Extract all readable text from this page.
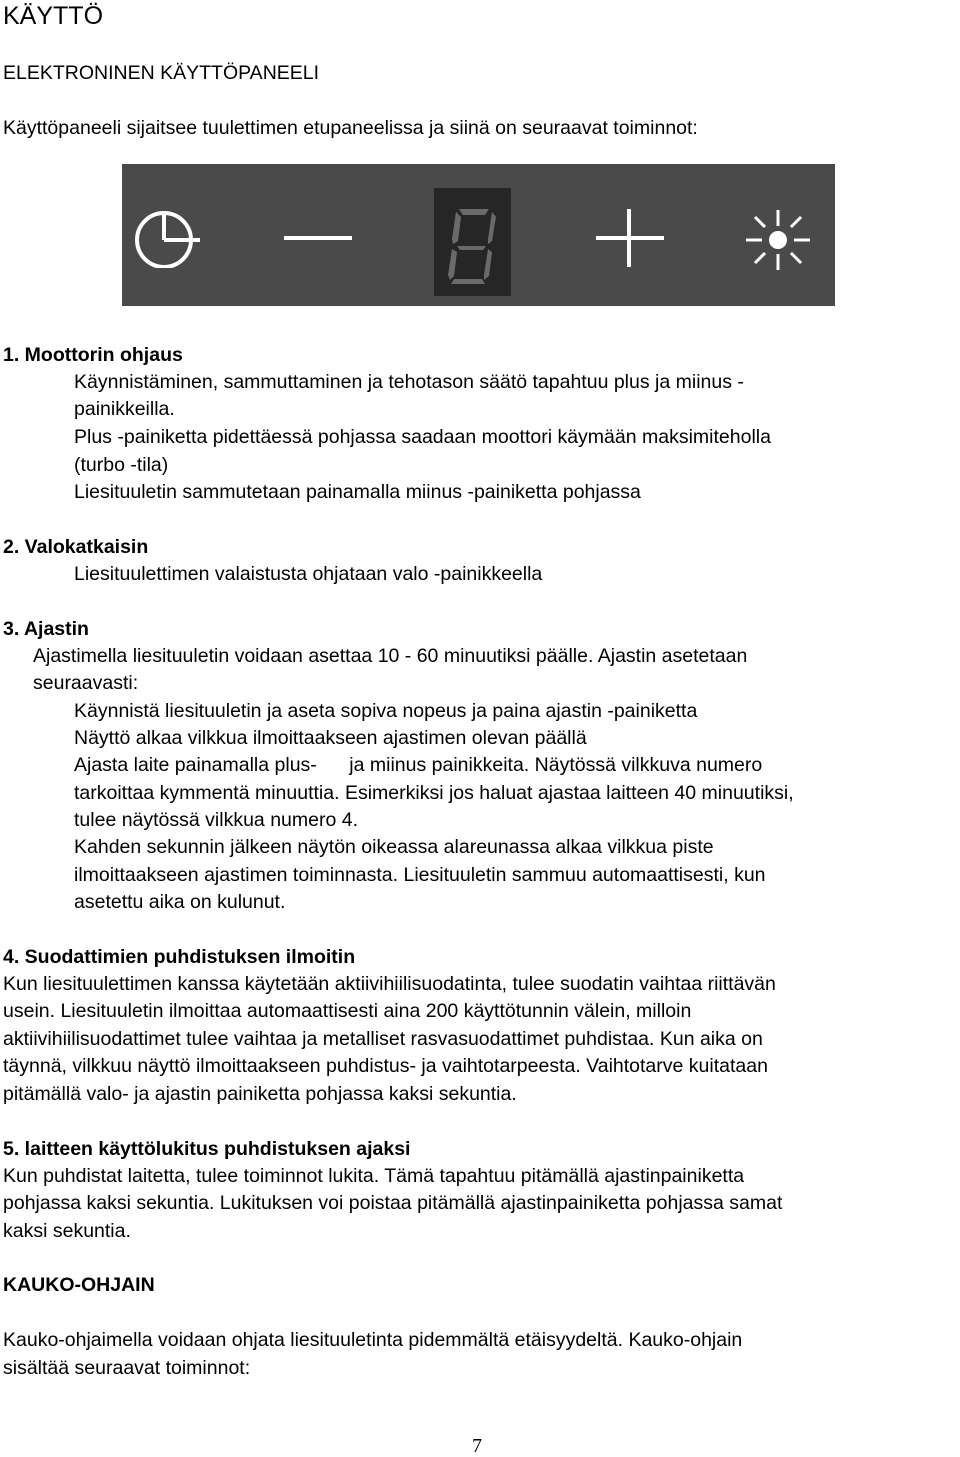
KÄYTTÖ
ELEKTRONINEN KÄYTTÖPANEELI
Käyttöpaneeli sijaitsee tuulettimen etupaneelissa ja siinä on seuraavat toiminnot:
1. Moottorin ohjaus
Käynnistäminen, sammuttaminen ja tehotason säätö tapahtuu plus ja miinus -
painikkeilla.
Plus -painiketta pidettäessä pohjassa saadaan moottori käymään maksimiteholla
(turbo -tila)
Liesituuletin sammutetaan painamalla miinus -painiketta pohjassa
2. Valokatkaisin
Liesituulettimen valaistusta ohjataan valo -painikkeella
3. Ajastin
Ajastimella liesituuletin voidaan asettaa 10 - 60 minuutiksi päälle. Ajastin asetetaan
seuraavasti:
Käynnistä liesituuletin ja aseta sopiva nopeus ja paina ajastin -painiketta
Näyttö alkaa vilkkua ilmoittaakseen ajastimen olevan päällä
Ajasta laite painamalla plus-      ja miinus painikkeita. Näytössä vilkkuva numero
tarkoittaa kymmentä minuuttia. Esimerkiksi jos haluat ajastaa laitteen 40 minuutiksi,
tulee näytössä vilkkua numero 4.
Kahden sekunnin jälkeen näytön oikeassa alareunassa alkaa vilkkua piste
ilmoittaakseen ajastimen toiminnasta. Liesituuletin sammuu automaattisesti, kun
asetettu aika on kulunut.
4. Suodattimien puhdistuksen ilmoitin
Kun liesituulettimen kanssa käytetään aktiivihiilisuodatinta, tulee suodatin vaihtaa riittävän
usein. Liesituuletin ilmoittaa automaattisesti aina 200 käyttötunnin välein, milloin
aktiivihiilisuodattimet tulee vaihtaa ja metalliset rasvasuodattimet puhdistaa. Kun aika on
täynnä, vilkkuu näyttö ilmoittaakseen puhdistus- ja vaihtotarpeesta. Vaihtotarve kuitataan
pitämällä valo- ja ajastin painiketta pohjassa kaksi sekuntia.
5. laitteen käyttölukitus puhdistuksen ajaksi
Kun puhdistat laitetta, tulee toiminnot lukita. Tämä tapahtuu pitämällä ajastinpainiketta
pohjassa kaksi sekuntia. Lukituksen voi poistaa pitämällä ajastinpainiketta pohjassa samat
kaksi sekuntia.
KAUKO-OHJAIN
Kauko-ohjaimella voidaan ohjata liesituuletinta pidemmältä etäisyydeltä. Kauko-ohjain
sisältää seuraavat toiminnot:
7
